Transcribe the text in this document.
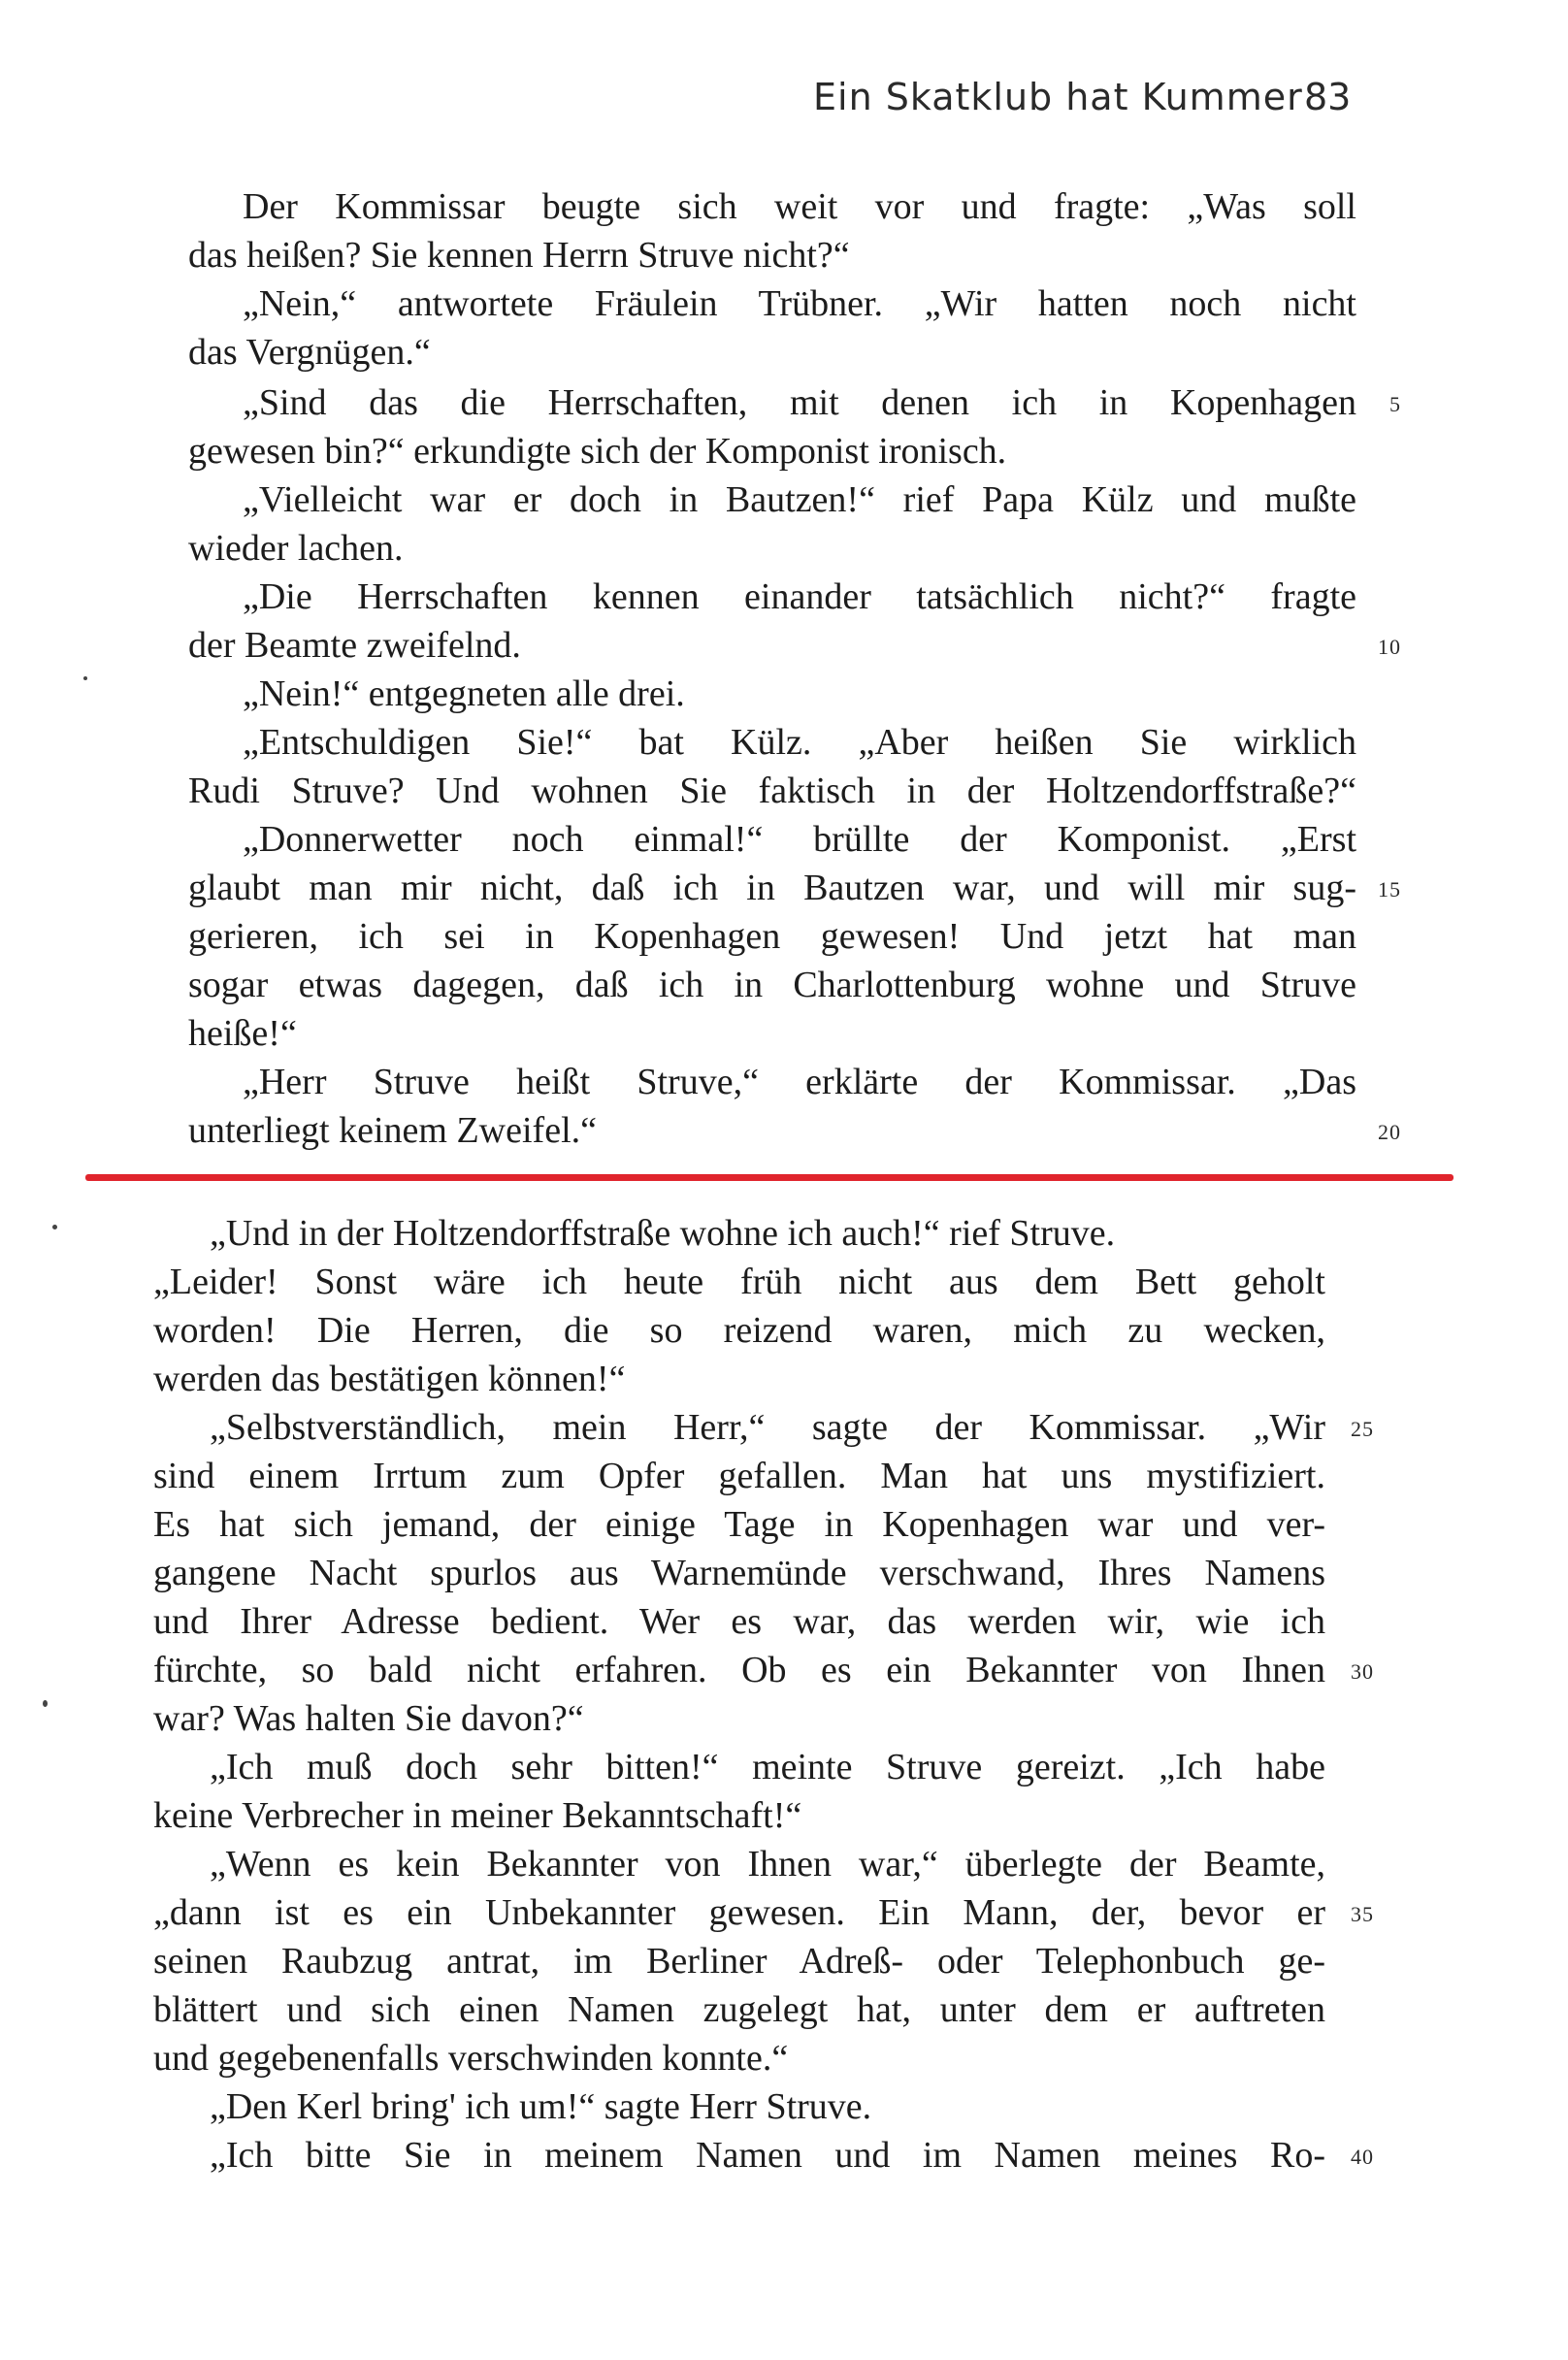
Ein Skatklub hat Kummer 83
Der Kommissar beugte sich weit vor und fragte: „Was soll
das heißen? Sie kennen Herrn Struve nicht?“
„Nein,“ antwortete Fräulein Trübner. „Wir hatten noch nicht
das Vergnügen.“
„Sind das die Herrschaften, mit denen ich in Kopenhagen
gewesen bin?“ erkundigte sich der Komponist ironisch.
„Vielleicht war er doch in Bautzen!“ rief Papa Külz und mußte
wieder lachen.
„Die Herrschaften kennen einander tatsächlich nicht?“ fragte
der Beamte zweifelnd.
„Nein!“ entgegneten alle drei.
„Entschuldigen Sie!“ bat Külz. „Aber heißen Sie wirklich
Rudi Struve? Und wohnen Sie faktisch in der Holtzendorffstraße?“
„Donnerwetter noch einmal!“ brüllte der Komponist. „Erst
glaubt man mir nicht, daß ich in Bautzen war, und will mir sug-
gerieren, ich sei in Kopenhagen gewesen! Und jetzt hat man
sogar etwas dagegen, daß ich in Charlottenburg wohne und Struve
heiße!“
„Herr Struve heißt Struve,“ erklärte der Kommissar. „Das
unterliegt keinem Zweifel.“
5
10
15
20
„Und in der Holtzendorffstraße wohne ich auch!“ rief Struve.
„Leider! Sonst wäre ich heute früh nicht aus dem Bett geholt
worden! Die Herren, die so reizend waren, mich zu wecken,
werden das bestätigen können!“
„Selbstverständlich, mein Herr,“ sagte der Kommissar. „Wir
sind einem Irrtum zum Opfer gefallen. Man hat uns mystifiziert.
Es hat sich jemand, der einige Tage in Kopenhagen war und ver-
gangene Nacht spurlos aus Warnemünde verschwand, Ihres Namens
und Ihrer Adresse bedient. Wer es war, das werden wir, wie ich
fürchte, so bald nicht erfahren. Ob es ein Bekannter von Ihnen
war? Was halten Sie davon?“
„Ich muß doch sehr bitten!“ meinte Struve gereizt. „Ich habe
keine Verbrecher in meiner Bekanntschaft!“
„Wenn es kein Bekannter von Ihnen war,“ überlegte der Beamte,
„dann ist es ein Unbekannter gewesen. Ein Mann, der, bevor er
seinen Raubzug antrat, im Berliner Adreß- oder Telephonbuch ge-
blättert und sich einen Namen zugelegt hat, unter dem er auftreten
und gegebenenfalls verschwinden konnte.“
„Den Kerl bring' ich um!“ sagte Herr Struve.
„Ich bitte Sie in meinem Namen und im Namen meines Ro-
25
30
35
40
